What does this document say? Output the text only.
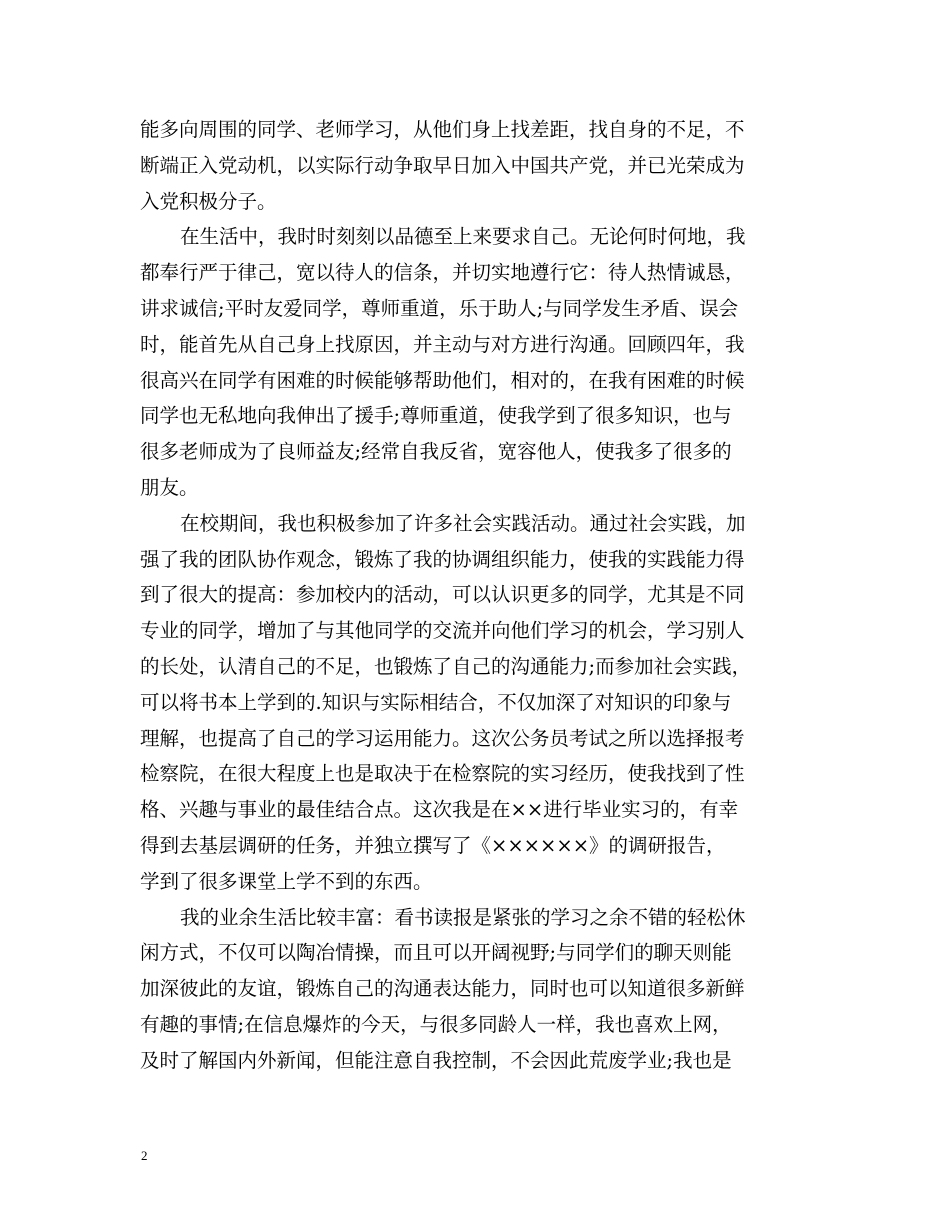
能多向周围的同学、老师学习，从他们身上找差距，找自身的不足，不
断端正入党动机，以实际行动争取早日加入中国共产党，并已光荣成为
入党积极分子。
在生活中，我时时刻刻以品德至上来要求自己。无论何时何地，我
都奉行严于律己，宽以待人的信条，并切实地遵行它：待人热情诚恳，
讲求诚信;平时友爱同学，尊师重道，乐于助人;与同学发生矛盾、误会
时，能首先从自己身上找原因，并主动与对方进行沟通。回顾四年，我
很高兴在同学有困难的时候能够帮助他们，相对的，在我有困难的时候
同学也无私地向我伸出了援手;尊师重道，使我学到了很多知识，也与
很多老师成为了良师益友;经常自我反省，宽容他人，使我多了很多的
朋友。
在校期间，我也积极参加了许多社会实践活动。通过社会实践，加
强了我的团队协作观念，锻炼了我的协调组织能力，使我的实践能力得
到了很大的提高：参加校内的活动，可以认识更多的同学，尤其是不同
专业的同学，增加了与其他同学的交流并向他们学习的机会，学习别人
的长处，认清自己的不足，也锻炼了自己的沟通能力;而参加社会实践，
可以将书本上学到的.知识与实际相结合，不仅加深了对知识的印象与
理解，也提高了自己的学习运用能力。这次公务员考试之所以选择报考
检察院，在很大程度上也是取决于在检察院的实习经历，使我找到了性
格、兴趣与事业的最佳结合点。这次我是在××进行毕业实习的，有幸
得到去基层调研的任务，并独立撰写了《××××××》的调研报告，
学到了很多课堂上学不到的东西。
我的业余生活比较丰富：看书读报是紧张的学习之余不错的轻松休
闲方式，不仅可以陶冶情操，而且可以开阔视野;与同学们的聊天则能
加深彼此的友谊，锻炼自己的沟通表达能力，同时也可以知道很多新鲜
有趣的事情;在信息爆炸的今天，与很多同龄人一样，我也喜欢上网，
及时了解国内外新闻，但能注意自我控制，不会因此荒废学业;我也是
2
